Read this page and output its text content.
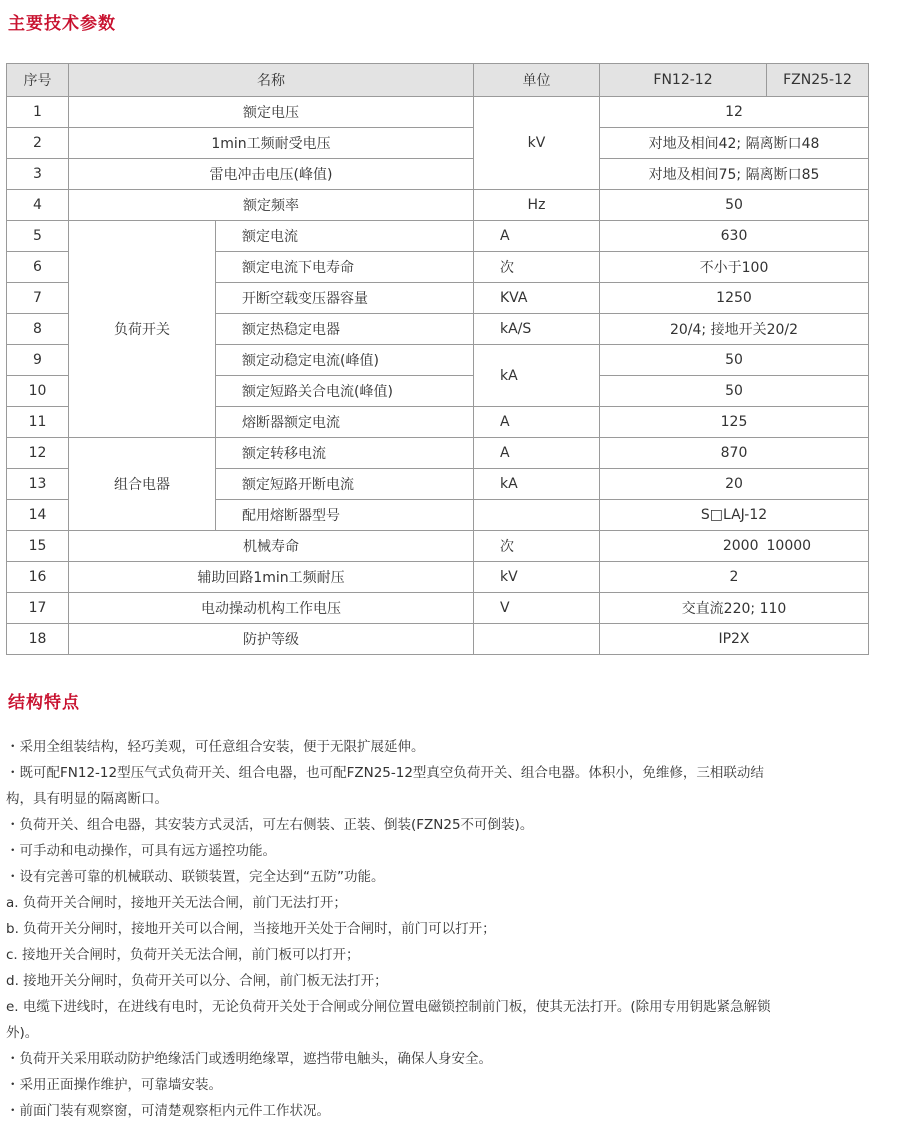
主要技术参数
序号	名称		单位	FN12-12	FZN25-12
1	额定电压		kV	12	
2	1min工频耐受电压			对地及相间42; 隔离断口48	
3	雷电冲击电压(峰值)			对地及相间75; 隔离断口85	
4	额定频率		Hz	50	
5	负荷开关	额定电流	A	630	
6		额定电流下电寿命	次	不小于100	
7		开断空载变压器容量	KVA	1250	
8		额定热稳定电器	kA/S	20/4; 接地开关20/2	
9		额定动稳定电流(峰值)	kA	50	
10		额定短路关合电流(峰值)		50	
11		熔断器额定电流	A	125	
12	组合电器	额定转移电流	A	870	
13		额定短路开断电流	kA	20	
14		配用熔断器型号		S□LAJ-12	
15	机械寿命		次	2000	10000
16	辅助回路1min工频耐压		kV	2	
17	电动操动机构工作电压		V	交直流220; 110	
18	防护等级			IP2X	
结构特点

・采用全组装结构，轻巧美观，可任意组合安装，便于无限扩展延伸。

・既可配FN12-12型压气式负荷开关、组合电器，也可配FZN25-12型真空负荷开关、组合电器。体积小，免维修，三相联动结

构，具有明显的隔离断口。

・负荷开关、组合电器，其安装方式灵活，可左右侧装、正装、倒装(FZN25不可倒装)。

・可手动和电动操作，可具有远方遥控功能。

・设有完善可靠的机械联动、联锁装置，完全达到“五防”功能。

a. 负荷开关合闸时，接地开关无法合闸，前门无法打开；

b. 负荷开关分闸时，接地开关可以合闸，当接地开关处于合闸时，前门可以打开；

c. 接地开关合闸时，负荷开关无法合闸，前门板可以打开；

d. 接地开关分闸时，负荷开关可以分、合闸，前门板无法打开；

e. 电缆下进线时，在进线有电时，无论负荷开关处于合闸或分闸位置电磁锁控制前门板，使其无法打开。(除用专用钥匙紧急解锁

外)。

・负荷开关采用联动防护绝缘活门或透明绝缘罩，遮挡带电触头，确保人身安全。

・采用正面操作维护，可靠墙安装。

・前面门装有观察窗，可清楚观察柜内元件工作状况。
